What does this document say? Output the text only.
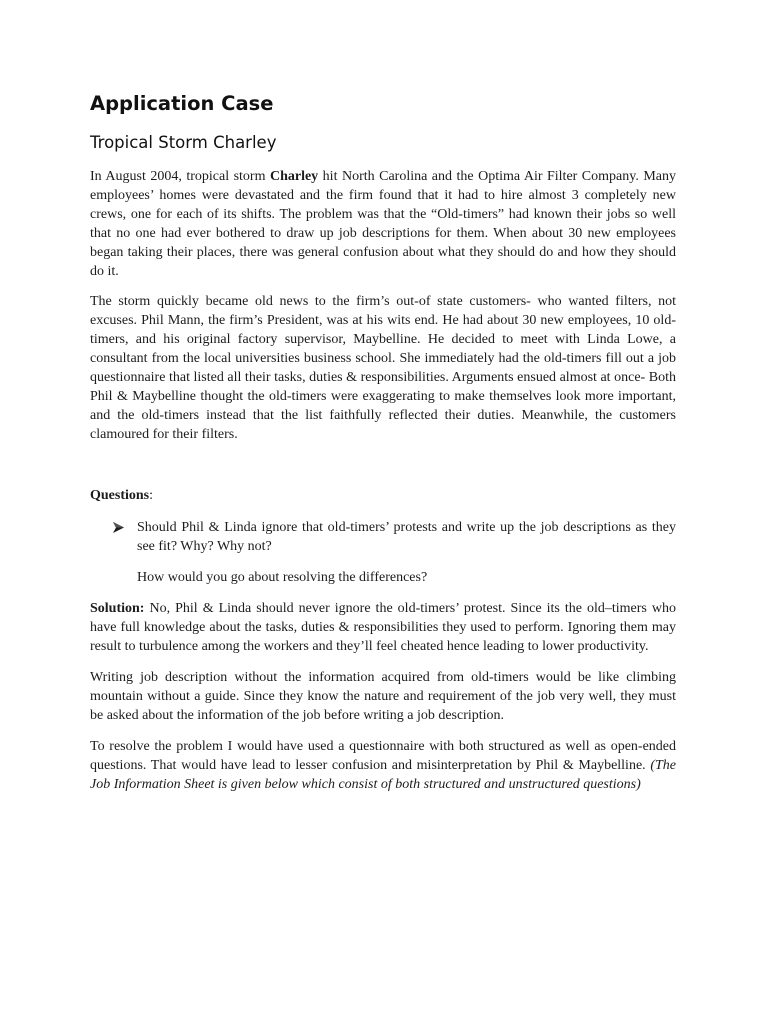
Application Case
Tropical Storm Charley

In August 2004, tropical storm Charley hit North Carolina and the Optima Air Filter Company. Many employees’ homes were devastated and the firm found that it had to hire almost 3 completely new crews, one for each of its shifts. The problem was that the “Old-timers” had known their jobs so well that no one had ever bothered to draw up job descriptions for them. When about 30 new employees began taking their places, there was general confusion about what they should do and how they should do it.

The storm quickly became old news to the firm’s out-of state customers- who wanted filters, not excuses. Phil Mann, the firm’s President, was at his wits end. He had about 30 new employees, 10 old-timers, and his original factory supervisor, Maybelline. He decided to meet with Linda Lowe, a consultant from the local universities business school. She immediately had the old-timers fill out a job questionnaire that listed all their tasks, duties & responsibilities. Arguments ensued almost at once- Both Phil & Maybelline thought the old-timers were exaggerating to make themselves look more important, and the old-timers instead that the list faithfully reflected their duties. Meanwhile, the customers clamoured for their filters.

Questions:

Should Phil & Linda ignore that old-timers’ protests and write up the job descriptions as they see fit? Why? Why not?

How would you go about resolving the differences?

Solution: No, Phil & Linda should never ignore the old-timers’ protest. Since its the old–timers who have full knowledge about the tasks, duties & responsibilities they used to perform. Ignoring them may result to turbulence among the workers and they’ll feel cheated hence leading to lower productivity.

Writing job description without the information acquired from old-timers would be like climbing mountain without a guide. Since they know the nature and requirement of the job very well, they must be asked about the information of the job before writing a job description.

To resolve the problem I would have used a questionnaire with both structured as well as open-ended questions. That would have lead to lesser confusion and misinterpretation by Phil & Maybelline. (The Job Information Sheet is given below which consist of both structured and unstructured questions)
